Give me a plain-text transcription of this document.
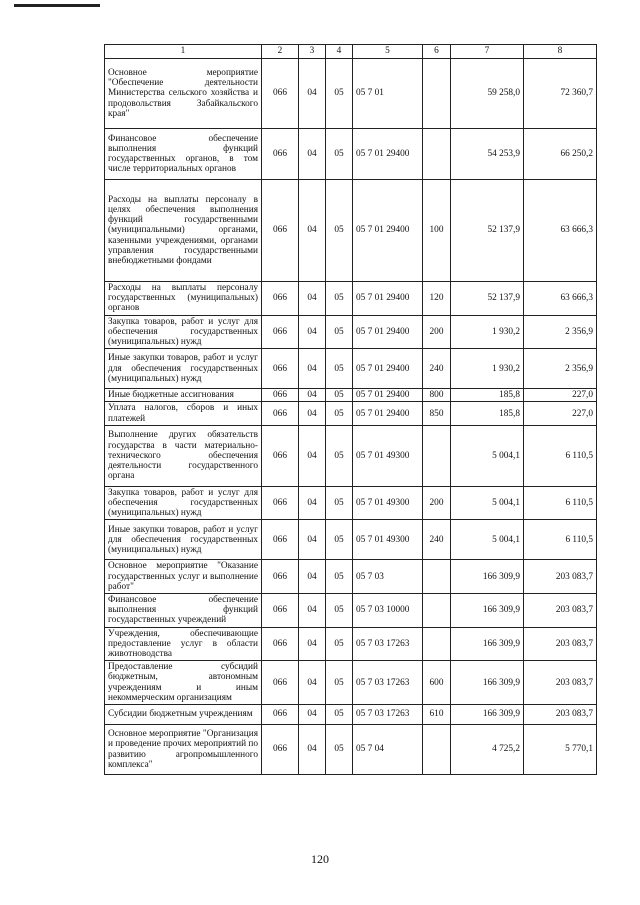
1	2	3	4	5	6	7	8
Основное мероприятие "Обеспечение деятельности Министерства сельского хозяйства и продовольствия Забайкальского края"	066	04	05	05 7 01		59 258,0	72 360,7
Финансовое обеспечение выполнения функций государственных органов, в том числе территориальных органов	066	04	05	05 7 01 29400		54 253,9	66 250,2
Расходы на выплаты персоналу в целях обеспечения выполнения функций государственными (муниципальными) органами, казенными учреждениями, органами управления государственными внебюджетными фондами	066	04	05	05 7 01 29400	100	52 137,9	63 666,3
Расходы на выплаты персоналу государственных (муниципальных) органов	066	04	05	05 7 01 29400	120	52 137,9	63 666,3
Закупка товаров, работ и услуг для обеспечения государственных (муниципальных) нужд	066	04	05	05 7 01 29400	200	1 930,2	2 356,9
Иные закупки товаров, работ и услуг для обеспечения государственных (муниципальных) нужд	066	04	05	05 7 01 29400	240	1 930,2	2 356,9
Иные бюджетные ассигнования	066	04	05	05 7 01 29400	800	185,8	227,0
Уплата налогов, сборов и иных платежей	066	04	05	05 7 01 29400	850	185,8	227,0
Выполнение других обязательств государства в части материально-технического обеспечения деятельности государственного органа	066	04	05	05 7 01 49300		5 004,1	6 110,5
Закупка товаров, работ и услуг для обеспечения государственных (муниципальных) нужд	066	04	05	05 7 01 49300	200	5 004,1	6 110,5
Иные закупки товаров, работ и услуг для обеспечения государственных (муниципальных) нужд	066	04	05	05 7 01 49300	240	5 004,1	6 110,5
Основное мероприятие "Оказание государственных услуг и выполнение работ"	066	04	05	05 7 03		166 309,9	203 083,7
Финансовое обеспечение выполнения функций государственных учреждений	066	04	05	05 7 03 10000		166 309,9	203 083,7
Учреждения, обеспечивающие предоставление услуг в области животноводства	066	04	05	05 7 03 17263		166 309,9	203 083,7
Предоставление субсидий бюджетным, автономным учреждениям и иным некоммерческим организациям	066	04	05	05 7 03 17263	600	166 309,9	203 083,7
Субсидии бюджетным учреждениям	066	04	05	05 7 03 17263	610	166 309,9	203 083,7
Основное мероприятие "Организация и проведение прочих мероприятий по развитию агропромышленного комплекса"	066	04	05	05 7 04		4 725,2	5 770,1
120
